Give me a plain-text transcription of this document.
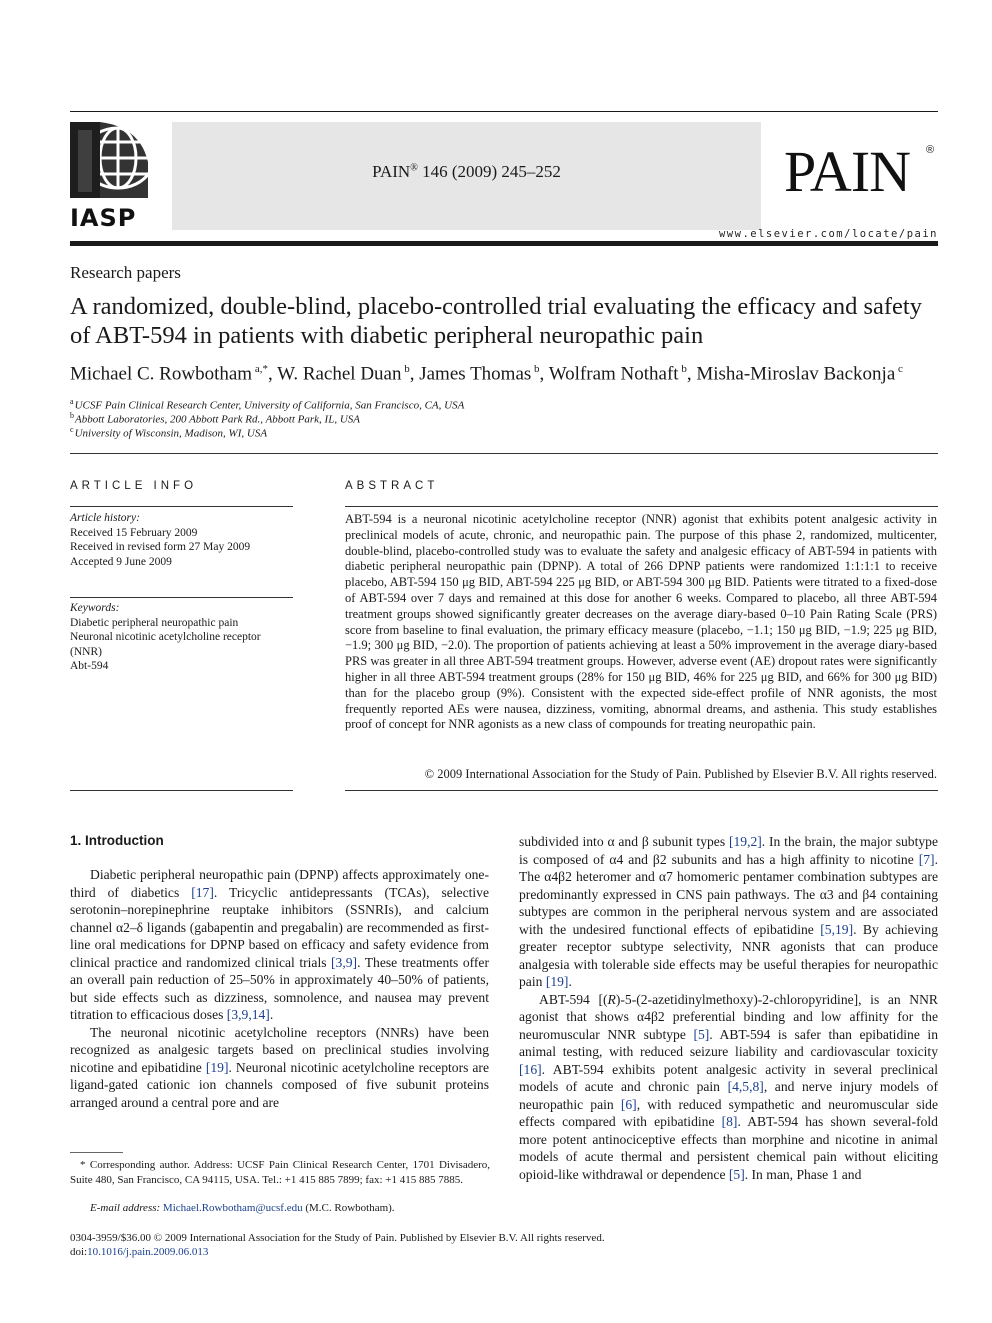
IASP
PAIN® 146 (2009) 245–252	PAIN ®
www.elsevier.com/locate/pain
Research papers
A randomized, double-blind, placebo-controlled trial evaluating the efficacy and safety of ABT-594 in patients with diabetic peripheral neuropathic pain
Michael C. Rowbotham $^{a,*}$, W. Rachel Duan $^b$, James Thomas $^b$, Wolfram Nothaft $^b$, Misha-Miroslav Backonja $^c$
$^a$UCSF Pain Clinical Research Center, University of California, San Francisco, CA, USA
$^b$Abbott Laboratories, 200 Abbott Park Rd., Abbott Park, IL, USA
$^c$University of Wisconsin, Madison, WI, USA
ARTICLE INFO
Article history:
Received 15 February 2009
Received in revised form 27 May 2009
Accepted 9 June 2009
Keywords:
Diabetic peripheral neuropathic pain
Neuronal nicotinic acetylcholine receptor
(NNR)
Abt-594
ABSTRACT
ABT-594 is a neuronal nicotinic acetylcholine receptor (NNR) agonist that exhibits potent analgesic activity in preclinical models of acute, chronic, and neuropathic pain. The purpose of this phase 2, randomized, multicenter, double-blind, placebo-controlled study was to evaluate the safety and analgesic efficacy of ABT-594 in patients with diabetic peripheral neuropathic pain (DPNP). A total of 266 DPNP patients were randomized 1:1:1:1 to receive placebo, ABT-594 150 μg BID, ABT-594 225 μg BID, or ABT-594 300 μg BID. Patients were titrated to a fixed-dose of ABT-594 over 7 days and remained at this dose for another 6 weeks. Compared to placebo, all three ABT-594 treatment groups showed significantly greater decreases on the average diary-based 0–10 Pain Rating Scale (PRS) score from baseline to final evaluation, the primary efficacy measure (placebo, −1.1; 150 μg BID, −1.9; 225 μg BID, −1.9; 300 μg BID, −2.0). The proportion of patients achieving at least a 50% improvement in the average diary-based PRS was greater in all three ABT-594 treatment groups. However, adverse event (AE) dropout rates were significantly higher in all three ABT-594 treatment groups (28% for 150 μg BID, 46% for 225 μg BID, and 66% for 300 μg BID) than for the placebo group (9%). Consistent with the expected side-effect profile of NNR agonists, the most frequently reported AEs were nausea, dizziness, vomiting, abnormal dreams, and asthenia. This study establishes proof of concept for NNR agonists as a new class of compounds for treating neuropathic pain.
© 2009 International Association for the Study of Pain. Published by Elsevier B.V. All rights reserved.
1. Introduction

Diabetic peripheral neuropathic pain (DPNP) affects approximately one-third of diabetics [17]. Tricyclic antidepressants (TCAs), selective serotonin–norepinephrine reuptake inhibitors (SSNRIs), and calcium channel α2–δ ligands (gabapentin and pregabalin) are recommended as first-line oral medications for DPNP based on efficacy and safety evidence from clinical practice and randomized clinical trials [3,9]. These treatments offer an overall pain reduction of 25–50% in approximately 40–50% of patients, but side effects such as dizziness, somnolence, and nausea may prevent titration to efficacious doses [3,9,14].

The neuronal nicotinic acetylcholine receptors (NNRs) have been recognized as analgesic targets based on preclinical studies involving nicotine and epibatidine [19]. Neuronal nicotinic acetylcholine receptors are ligand-gated cationic ion channels composed of five subunit proteins arranged around a central pore and are

subdivided into α and β subunit types [19,2]. In the brain, the major subtype is composed of α4 and β2 subunits and has a high affinity to nicotine [7]. The α4β2 heteromer and α7 homomeric pentamer combination subtypes are predominantly expressed in CNS pain pathways. The α3 and β4 containing subtypes are common in the peripheral nervous system and are associated with the undesired functional effects of epibatidine [5,19]. By achieving greater receptor subtype selectivity, NNR agonists that can produce analgesia with tolerable side effects may be useful therapies for neuropathic pain [19].

ABT-594 [(R)-5-(2-azetidinylmethoxy)-2-chloropyridine], is an NNR agonist that shows α4β2 preferential binding and low affinity for the neuromuscular NNR subtype [5]. ABT-594 is safer than epibatidine in animal testing, with reduced seizure liability and cardiovascular toxicity [16]. ABT-594 exhibits potent analgesic activity in several preclinical models of acute and chronic pain [4,5,8], and nerve injury models of neuropathic pain [6], with reduced sympathetic and neuromuscular side effects compared with epibatidine [8]. ABT-594 has shown several-fold more potent antinociceptive effects than morphine and nicotine in animal models of acute thermal and persistent chemical pain without eliciting opioid-like withdrawal or dependence [5]. In man, Phase 1 and

* Corresponding author. Address: UCSF Pain Clinical Research Center, 1701 Divisadero, Suite 480, San Francisco, CA 94115, USA. Tel.: +1 415 885 7899; fax: +1 415 885 7885.
E-mail address: Michael.Rowbotham@ucsf.edu (M.C. Rowbotham).
0304-3959/$36.00 © 2009 International Association for the Study of Pain. Published by Elsevier B.V. All rights reserved.
doi:10.1016/j.pain.2009.06.013
